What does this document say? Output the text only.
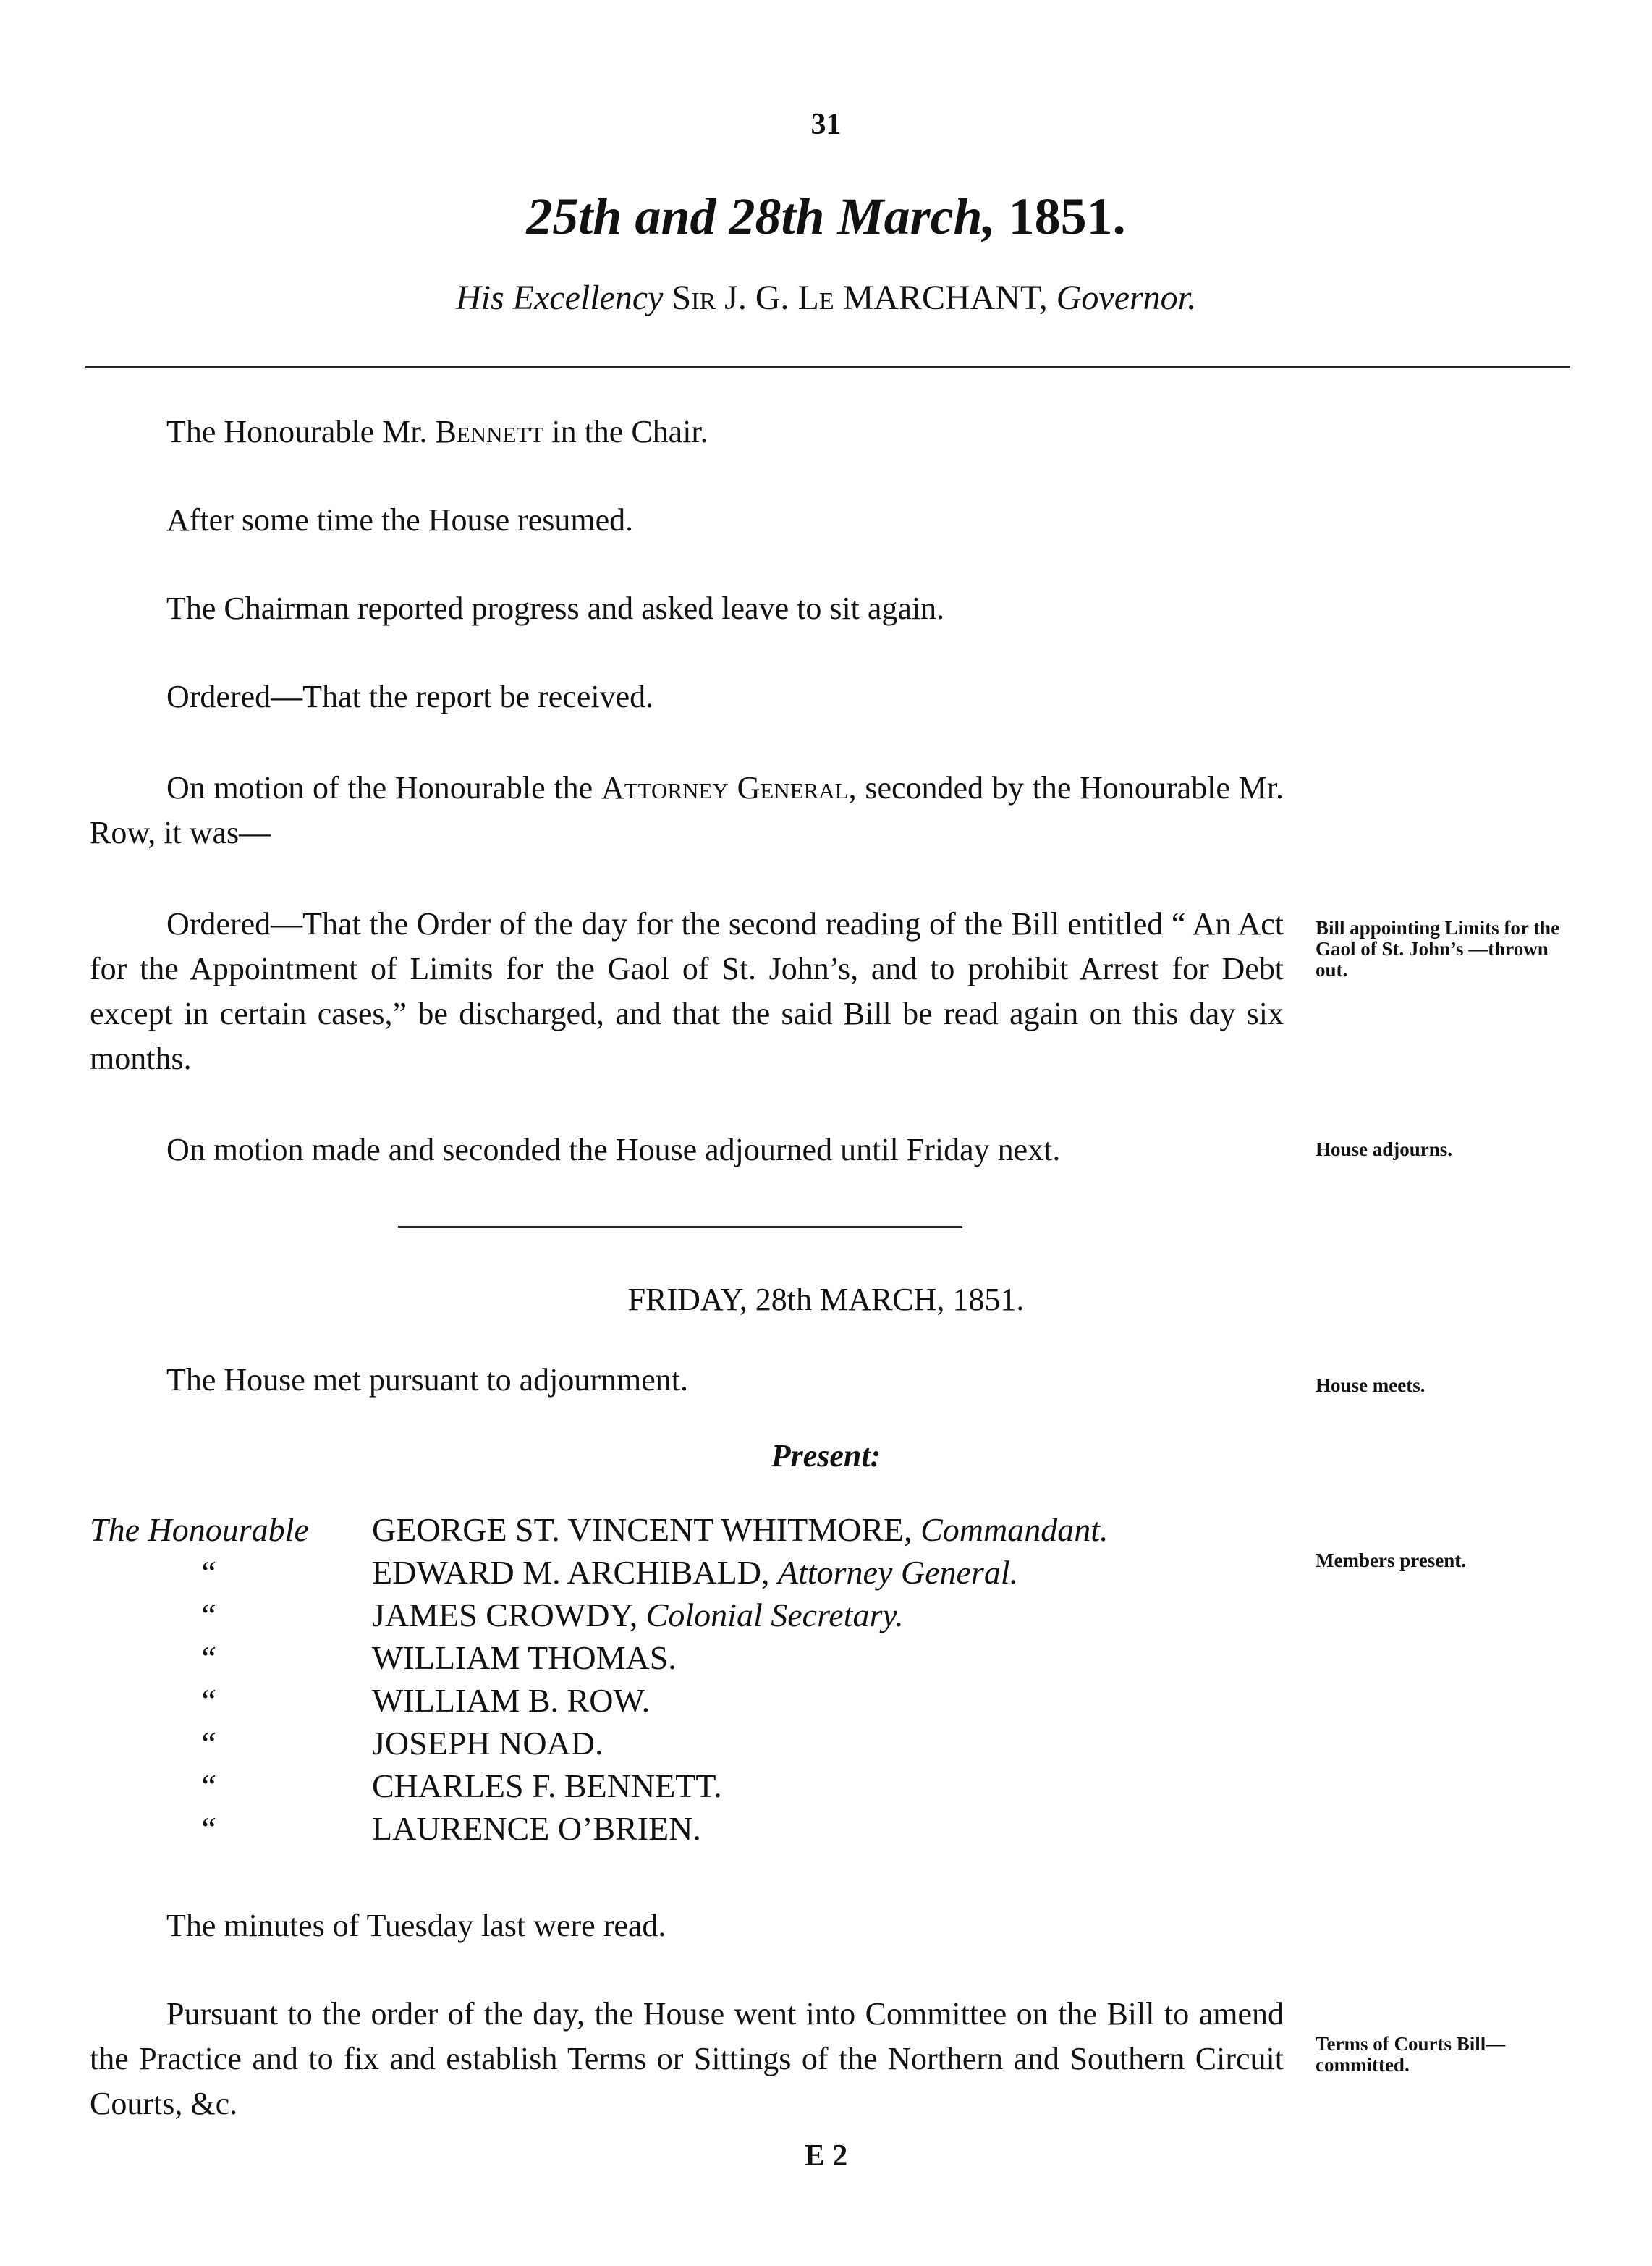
31
25th and 28th March, 1851.
His Excellency Sir J. G. Le MARCHANT, Governor.
The Honourable Mr. Bennett in the Chair.
After some time the House resumed.
The Chairman reported progress and asked leave to sit again.
Ordered—That the report be received.
On motion of the Honourable the Attorney General, seconded by the Honourable Mr. Row, it was—
Ordered—That the Order of the day for the second reading of the Bill entitled “ An Act for the Appointment of Limits for the Gaol of St. John’s, and to prohibit Arrest for Debt except in certain cases,” be discharged, and that the said Bill be read again on this day six months.
Bill appointing Limits for the Gaol of St. John’s —thrown out.
On motion made and seconded the House adjourned until Friday next.	House adjourns.
FRIDAY, 28th MARCH, 1851.
The House met pursuant to adjournment.	House meets.
Present:
The Honourable	GEORGE ST. VINCENT WHITMORE, Commandant.
“	EDWARD M. ARCHIBALD, Attorney General.
“	JAMES CROWDY, Colonial Secretary.
“	WILLIAM THOMAS.
“	WILLIAM B. ROW.
“	JOSEPH NOAD.
“	CHARLES F. BENNETT.
“	LAURENCE O’BRIEN.
Members present.
The minutes of Tuesday last were read.
Pursuant to the order of the day, the House went into Committee on the Bill to amend the Practice and to fix and establish Terms or Sittings of the Northern and Southern Circuit Courts, &c.
Terms of Courts Bill— committed.
E 2
